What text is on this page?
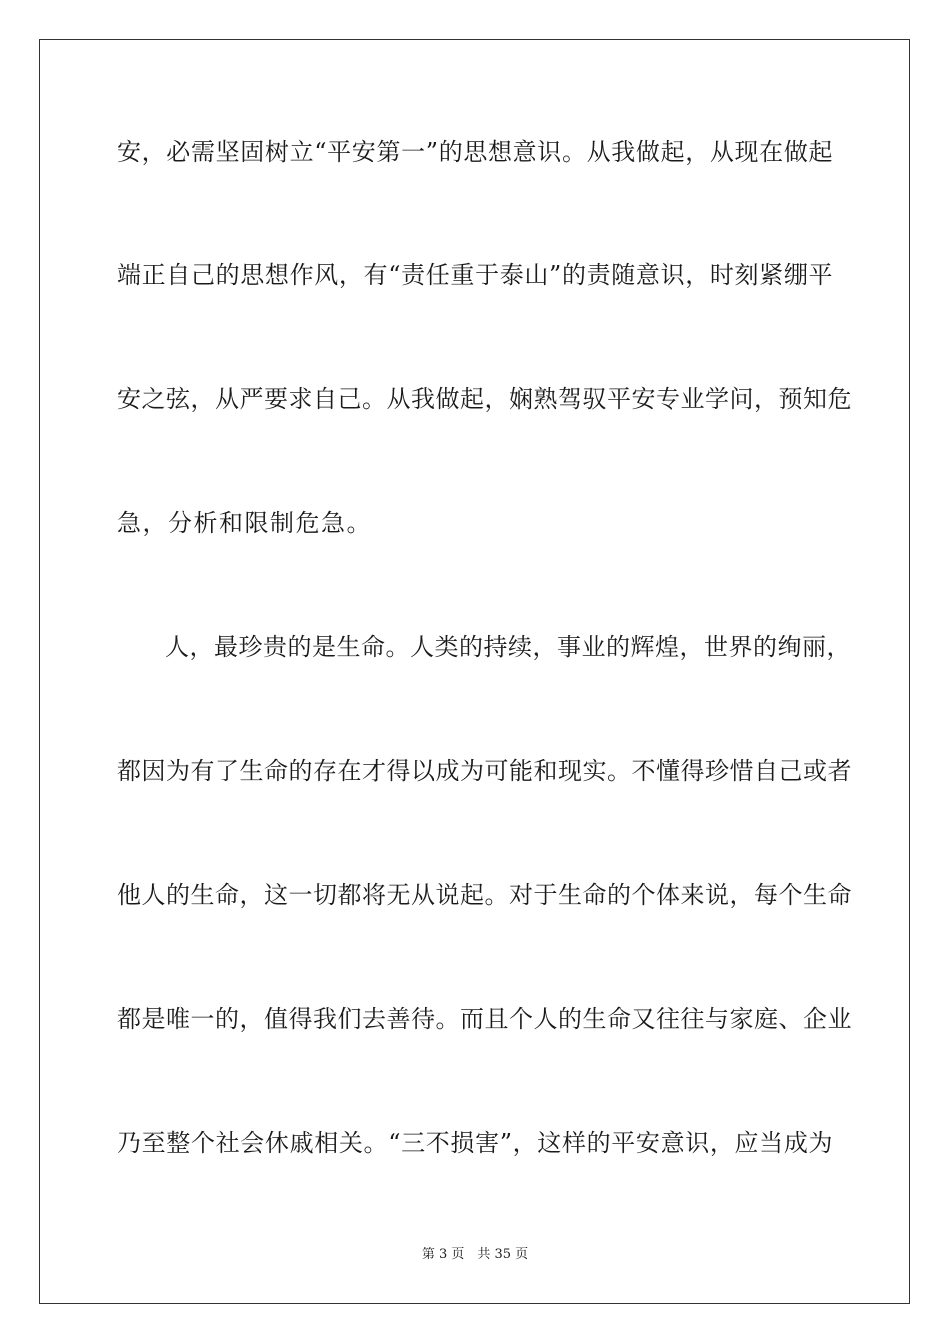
安，必需坚固树立“平安第一”的思想意识。从我做起，从现在做起
端正自己的思想作风，有“责任重于泰山”的责随意识，时刻紧绷平
安之弦，从严要求自己。从我做起，娴熟驾驭平安专业学问，预知危
急，分析和限制危急。
人，最珍贵的是生命。人类的持续，事业的辉煌，世界的绚丽，
都因为有了生命的存在才得以成为可能和现实。不懂得珍惜自己或者
他人的生命，这一切都将无从说起。对于生命的个体来说，每个生命
都是唯一的，值得我们去善待。而且个人的生命又往往与家庭、企业
乃至整个社会休戚相关。“三不损害”，这样的平安意识，应当成为
第 3 页　共 35 页
